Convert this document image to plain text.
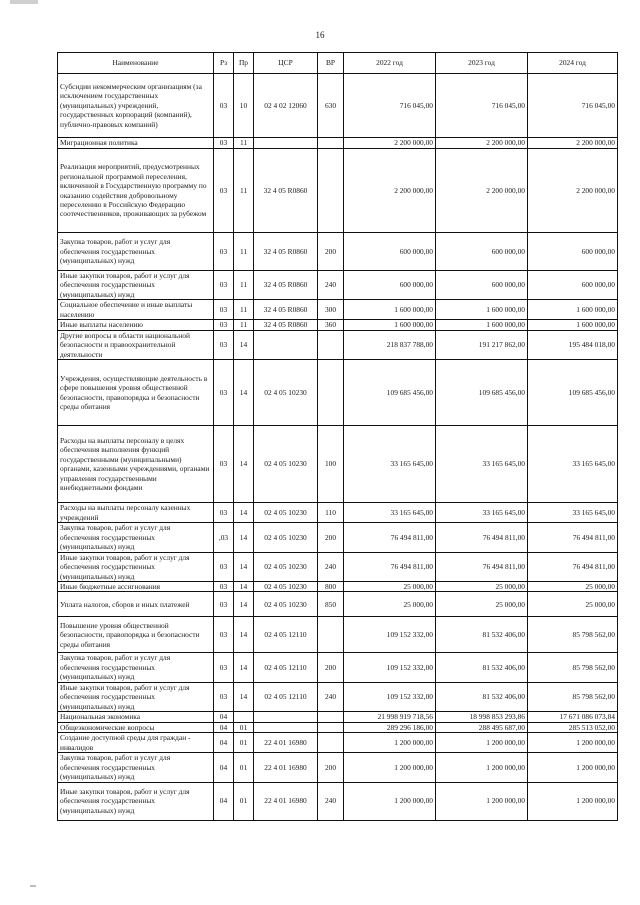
16
Наименование	Рз	Пр	ЦСР	ВР	2022 год	2023 год	2024 год
Субсидии некоммерческим организациям (за исключением государственных (муниципальных) учреждений, государственных корпораций (компаний), публично-правовых компаний)	03	10	02 4 02 12060	630	716 045,00	716 045,00	716 045,00
Миграционная политика	03	11			2 200 000,00	2 200 000,00	2 200 000,00
Реализация мероприятий, предусмотренных региональной программой переселения, включенной в Государственную программу по оказанию содействия добровольному переселению в Российскую Федерацию соотечественников, проживающих за рубежом	03	11	32 4 05 R0860		2 200 000,00	2 200 000,00	2 200 000,00
Закупка товаров, работ и услуг для обеспечения государственных (муниципальных) нужд	03	11	32 4 05 R0860	200	600 000,00	600 000,00	600 000,00
Иные закупки товаров, работ и услуг для обеспечения государственных (муниципальных) нужд	03	11	32 4 05 R0860	240	600 000,00	600 000,00	600 000,00
Социальное обеспечение и иные выплаты населению	03	11	32 4 05 R0860	300	1 600 000,00	1 600 000,00	1 600 000,00
Иные выплаты населению	03	11	32 4 05 R0860	360	1 600 000,00	1 600 000,00	1 600 000,00
Другие вопросы в области национальной безопасности и правоохранительной деятельности	03	14			218 837 788,00	191 217 862,00	195 484 018,00
Учреждения, осуществляющие деятельность в сфере повышения уровня общественной безопасности, правопорядка и безопасности среды обитания	03	14	02 4 05 10230		109 685 456,00	109 685 456,00	109 685 456,00
Расходы на выплаты персоналу в целях обеспечения выполнения функций государственными (муниципальными) органами, казенными учреждениями, органами управления государственными внебюджетными фондами	03	14	02 4 05 10230	100	33 165 645,00	33 165 645,00	33 165 645,00
Расходы на выплаты персоналу казенных учреждений	03	14	02 4 05 10230	110	33 165 645,00	33 165 645,00	33 165 645,00
Закупка товаров, работ и услуг для обеспечения государственных (муниципальных) нужд	,03	14	02 4 05 10230	200	76 494 811,00	76 494 811,00	76 494 811,00
Иные закупки товаров, работ и услуг для обеспечения государственных (муниципальных) нужд	03	14	02 4 05 10230	240	76 494 811,00	76 494 811,00	76 494 811,00
Иные бюджетные ассигнования	03	14	02 4 05 10230	800	25 000,00	25 000,00	25 000,00
Уплата налогов, сборов и иных платежей	03	14	02 4 05 10230	850	25 000,00	25 000,00	25 000,00
Повышение уровня общественной безопасности, правопорядка и безопасности среды обитания	03	14	02 4 05 12110		109 152 332,00	81 532 406,00	85 798 562,00
Закупка товаров, работ и услуг для обеспечения государственных (муниципальных) нужд	03	14	02 4 05 12110	200	109 152 332,00	81 532 406,00	85 798 562,00
Иные закупки товаров, работ и услуг для обеспечения государственных (муниципальных) нужд	03	14	02 4 05 12110	240	109 152 332,00	81 532 406,00	85 798 562,00
Национальная экономика	04				21 998 919 718,56	18 998 853 293,86	17 671 086 073,84
Общеэкономические вопросы	04	01			289 296 186,00	288 495 687,00	285 513 052,00
Создание доступной среды для граждан - инвалидов	04	01	22 4 01 16980		1 200 000,00	1 200 000,00	1 200 000,00
Закупка товаров, работ и услуг для обеспечения государственных (муниципальных) нужд	04	01	22 4 01 16980	200	1 200 000,00	1 200 000,00	1 200 000,00
Иные закупки товаров, работ и услуг для обеспечения государственных (муниципальных) нужд	04	01	22 4 01 16980	240	1 200 000,00	1 200 000,00	1 200 000,00
